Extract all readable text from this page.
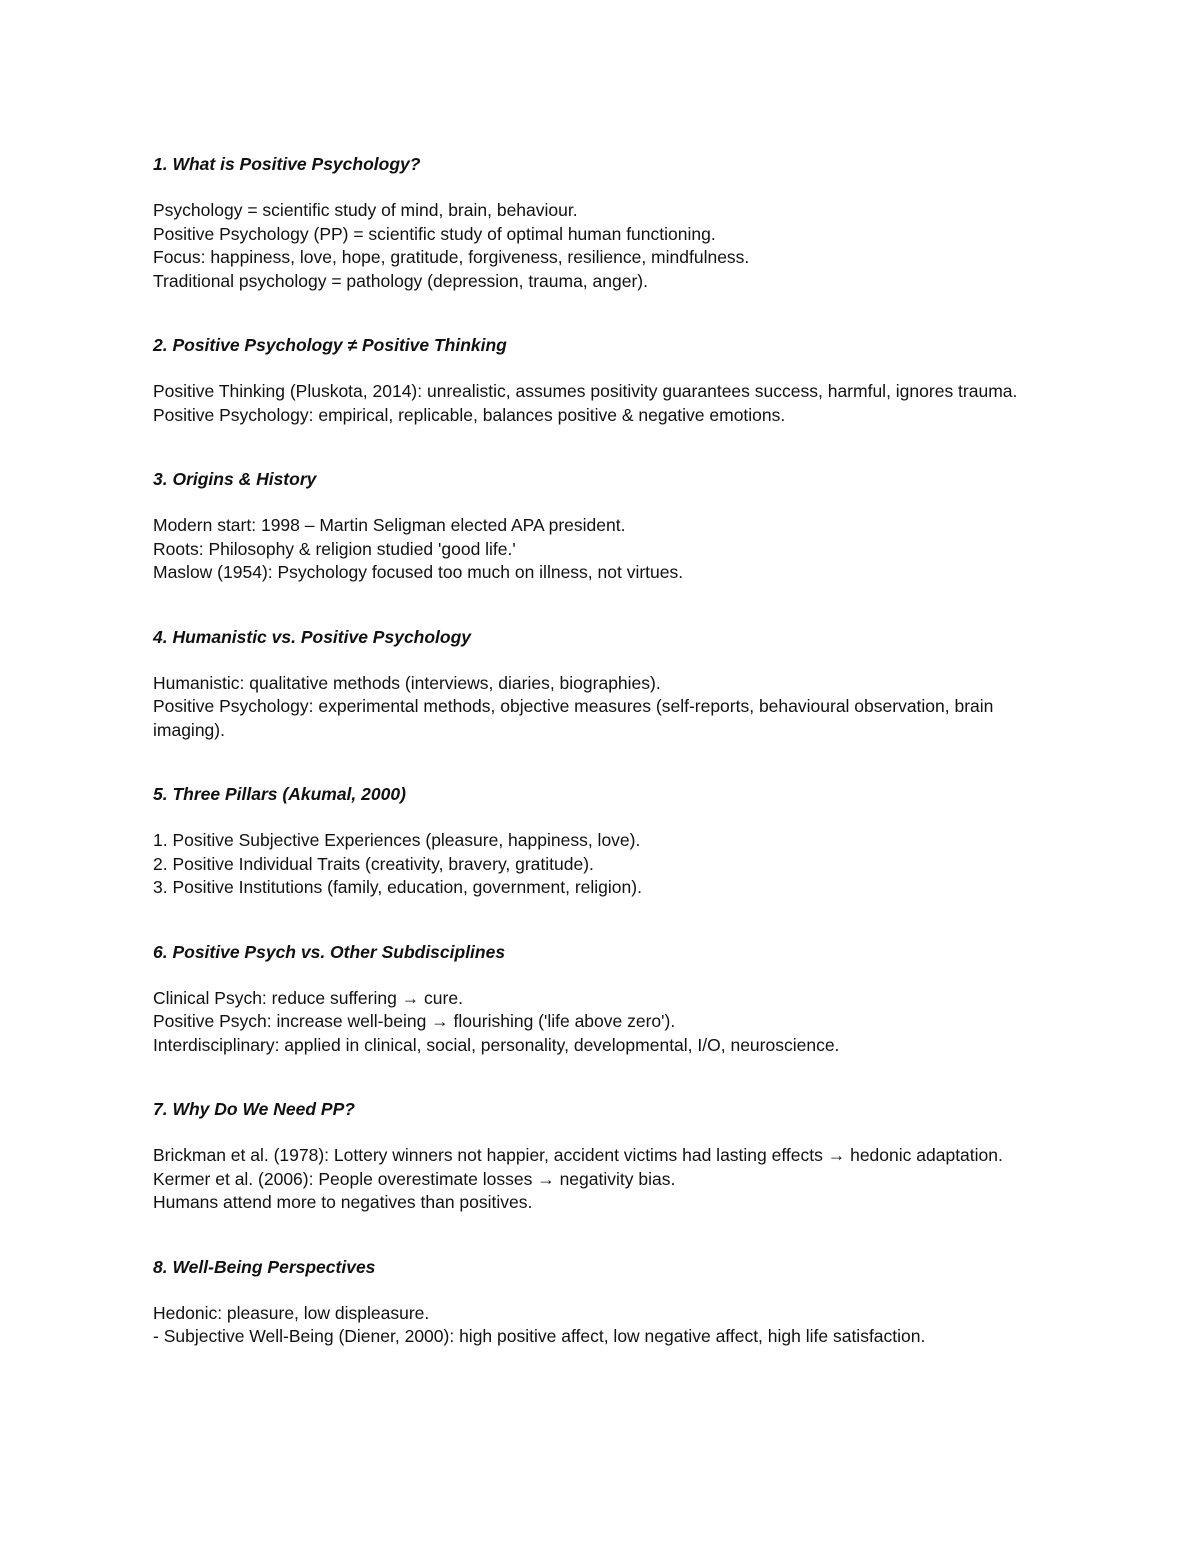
1. What is Positive Psychology?

Psychology = scientific study of mind, brain, behaviour.

Positive Psychology (PP) = scientific study of optimal human functioning.

Focus: happiness, love, hope, gratitude, forgiveness, resilience, mindfulness.

Traditional psychology = pathology (depression, trauma, anger).

2. Positive Psychology ≠ Positive Thinking

Positive Thinking (Pluskota, 2014): unrealistic, assumes positivity guarantees success, harmful, ignores trauma.

Positive Psychology: empirical, replicable, balances positive & negative emotions.

3. Origins & History

Modern start: 1998 – Martin Seligman elected APA president.

Roots: Philosophy & religion studied 'good life.'

Maslow (1954): Psychology focused too much on illness, not virtues.

4. Humanistic vs. Positive Psychology

Humanistic: qualitative methods (interviews, diaries, biographies).

Positive Psychology: experimental methods, objective measures (self-reports, behavioural observation, brain imaging).

5. Three Pillars (Akumal, 2000)

1. Positive Subjective Experiences (pleasure, happiness, love).

2. Positive Individual Traits (creativity, bravery, gratitude).

3. Positive Institutions (family, education, government, religion).

6. Positive Psych vs. Other Subdisciplines

Clinical Psych: reduce suffering → cure.

Positive Psych: increase well-being → flourishing ('life above zero').

Interdisciplinary: applied in clinical, social, personality, developmental, I/O, neuroscience.

7. Why Do We Need PP?

Brickman et al. (1978): Lottery winners not happier, accident victims had lasting effects → hedonic adaptation.

Kermer et al. (2006): People overestimate losses → negativity bias.

Humans attend more to negatives than positives.

8. Well-Being Perspectives

Hedonic: pleasure, low displeasure.

- Subjective Well-Being (Diener, 2000): high positive affect, low negative affect, high life satisfaction.
